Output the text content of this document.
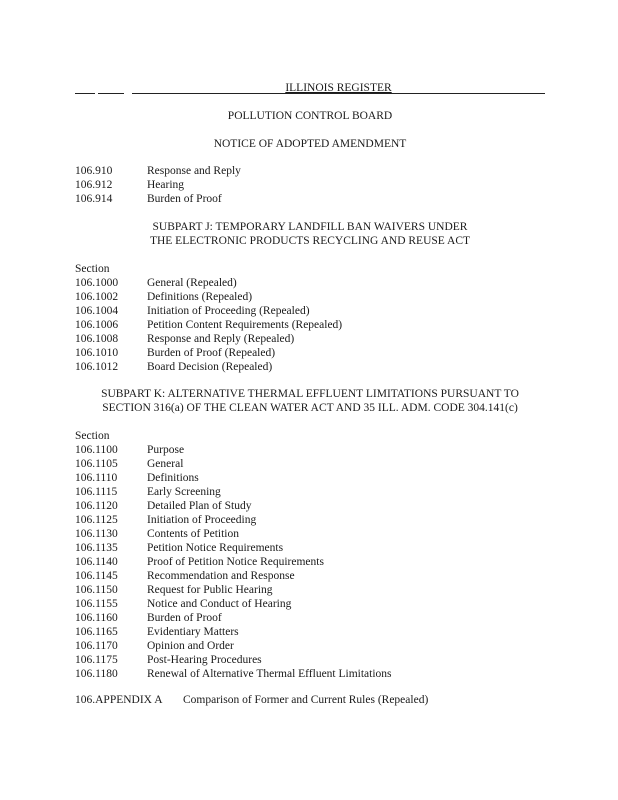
ILLINOIS REGISTER
POLLUTION CONTROL BOARD
NOTICE OF ADOPTED AMENDMENT
106.910	Response and Reply
106.912	Hearing
106.914	Burden of Proof
SUBPART J: TEMPORARY LANDFILL BAN WAIVERS UNDER
THE ELECTRONIC PRODUCTS RECYCLING AND REUSE ACT
Section
106.1000	General (Repealed)
106.1002	Definitions (Repealed)
106.1004	Initiation of Proceeding (Repealed)
106.1006	Petition Content Requirements (Repealed)
106.1008	Response and Reply (Repealed)
106.1010	Burden of Proof (Repealed)
106.1012	Board Decision (Repealed)
SUBPART K: ALTERNATIVE THERMAL EFFLUENT LIMITATIONS PURSUANT TO
SECTION 316(a) OF THE CLEAN WATER ACT AND 35 ILL. ADM. CODE 304.141(c)
Section
106.1100	Purpose
106.1105	General
106.1110	Definitions
106.1115	Early Screening
106.1120	Detailed Plan of Study
106.1125	Initiation of Proceeding
106.1130	Contents of Petition
106.1135	Petition Notice Requirements
106.1140	Proof of Petition Notice Requirements
106.1145	Recommendation and Response
106.1150	Request for Public Hearing
106.1155	Notice and Conduct of Hearing
106.1160	Burden of Proof
106.1165	Evidentiary Matters
106.1170	Opinion and Order
106.1175	Post-Hearing Procedures
106.1180	Renewal of Alternative Thermal Effluent Limitations
106.APPENDIX A Comparison of Former and Current Rules (Repealed)
